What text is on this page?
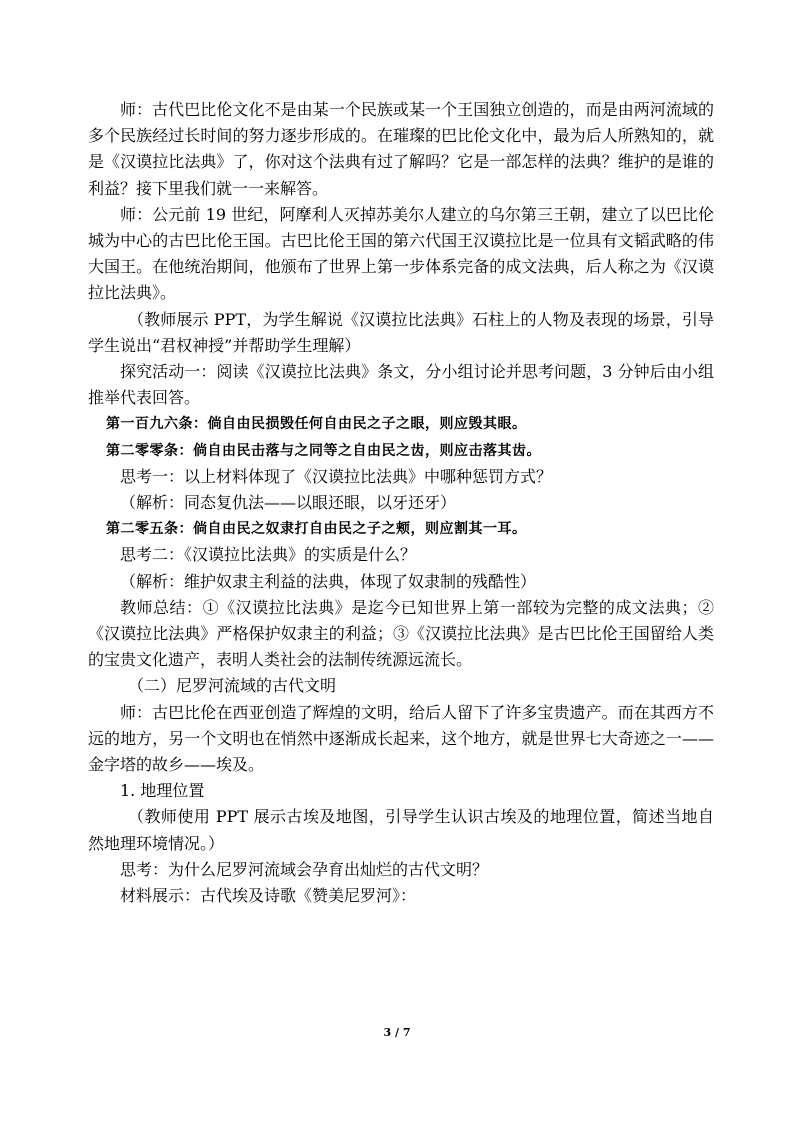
师：古代巴比伦文化不是由某一个民族或某一个王国独立创造的，而是由两河流域的多个民族经过长时间的努力逐步形成的。在璀璨的巴比伦文化中，最为后人所熟知的，就是《汉谟拉比法典》了，你对这个法典有过了解吗？它是一部怎样的法典？维护的是谁的利益？接下里我们就一一来解答。

师：公元前 19 世纪，阿摩利人灭掉苏美尔人建立的乌尔第三王朝，建立了以巴比伦城为中心的古巴比伦王国。古巴比伦王国的第六代国王汉谟拉比是一位具有文韬武略的伟大国王。在他统治期间，他颁布了世界上第一步体系完备的成文法典，后人称之为《汉谟拉比法典》。

（教师展示 PPT，为学生解说《汉谟拉比法典》石柱上的人物及表现的场景，引导学生说出“君权神授”并帮助学生理解）

探究活动一：阅读《汉谟拉比法典》条文，分小组讨论并思考问题，3 分钟后由小组推举代表回答。

第一百九六条：倘自由民损毁任何自由民之子之眼，则应毁其眼。

第二零零条：倘自由民击落与之同等之自由民之齿，则应击落其齿。

思考一：以上材料体现了《汉谟拉比法典》中哪种惩罚方式？

（解析：同态复仇法——以眼还眼，以牙还牙）

第二零五条：倘自由民之奴隶打自由民之子之颊，则应割其一耳。

思考二：《汉谟拉比法典》的实质是什么？

（解析：维护奴隶主利益的法典，体现了奴隶制的残酷性）

教师总结：①《汉谟拉比法典》是迄今已知世界上第一部较为完整的成文法典；②《汉谟拉比法典》严格保护奴隶主的利益；③《汉谟拉比法典》是古巴比伦王国留给人类的宝贵文化遗产，表明人类社会的法制传统源远流长。

（二）尼罗河流域的古代文明

师：古巴比伦在西亚创造了辉煌的文明，给后人留下了许多宝贵遗产。而在其西方不远的地方，另一个文明也在悄然中逐渐成长起来，这个地方，就是世界七大奇迹之一——金字塔的故乡——埃及。

1. 地理位置

（教师使用 PPT 展示古埃及地图，引导学生认识古埃及的地理位置，简述当地自然地理环境情况。）

思考：为什么尼罗河流域会孕育出灿烂的古代文明？

材料展示：古代埃及诗歌《赞美尼罗河》：

3 / 7
